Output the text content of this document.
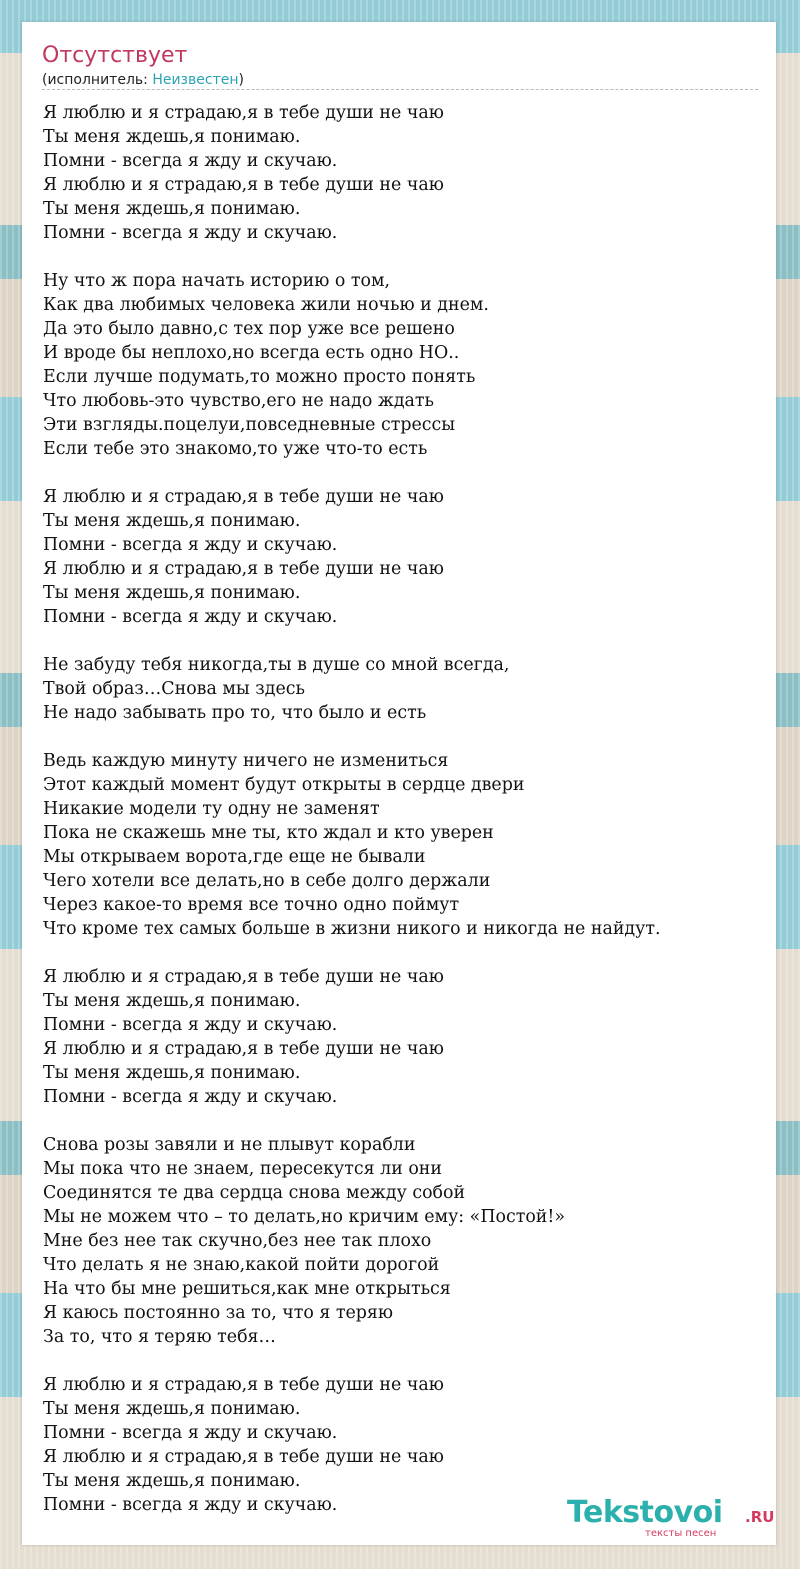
Отсутствует
(исполнитель: Неизвестен)
Я люблю и я страдаю,я в тебе души не чаю
Ты меня ждешь,я понимаю.
Помни - всегда я жду и скучаю.
Я люблю и я страдаю,я в тебе души не чаю
Ты меня ждешь,я понимаю.
Помни - всегда я жду и скучаю.
Ну что ж пора начать историю о том,
Как два любимых человека жили ночью и днем.
Да это было давно,с тех пор уже все решено
И вроде бы неплохо,но всегда есть одно НО..
Если лучше подумать,то можно просто понять
Что любовь-это чувство,его не надо ждать
Эти взгляды.поцелуи,повседневные стрессы
Если тебе это знакомо,то уже что-то есть
Я люблю и я страдаю,я в тебе души не чаю
Ты меня ждешь,я понимаю.
Помни - всегда я жду и скучаю.
Я люблю и я страдаю,я в тебе души не чаю
Ты меня ждешь,я понимаю.
Помни - всегда я жду и скучаю.
Не забуду тебя никогда,ты в душе со мной всегда,
Твой образ…Снова мы здесь
Не надо забывать про то, что было и есть
Ведь каждую минуту ничего не измениться
Этот каждый момент будут открыты в сердце двери
Никакие модели ту одну не заменят
Пока не скажешь мне ты, кто ждал и кто уверен
Мы открываем ворота,где еще не бывали
Чего хотели все делать,но в себе долго держали
Через какое-то время все точно одно поймут
Что кроме тех самых больше в жизни никого и никогда не найдут.
Я люблю и я страдаю,я в тебе души не чаю
Ты меня ждешь,я понимаю.
Помни - всегда я жду и скучаю.
Я люблю и я страдаю,я в тебе души не чаю
Ты меня ждешь,я понимаю.
Помни - всегда я жду и скучаю.
Снова розы завяли и не плывут корабли
Мы пока что не знаем, пересекутся ли они
Соединятся те два сердца снова между собой
Мы не можем что – то делать,но кричим ему: «Постой!»
Мне без нее так скучно,без нее так плохо
Что делать я не знаю,какой пойти дорогой
На что бы мне решиться,как мне открыться
Я каюсь постоянно за то, что я теряю
За то, что я теряю тебя…
Я люблю и я страдаю,я в тебе души не чаю
Ты меня ждешь,я понимаю.
Помни - всегда я жду и скучаю.
Я люблю и я страдаю,я в тебе души не чаю
Ты меня ждешь,я понимаю.
Помни - всегда я жду и скучаю.	Tekstovoi .RU
тексты песен
